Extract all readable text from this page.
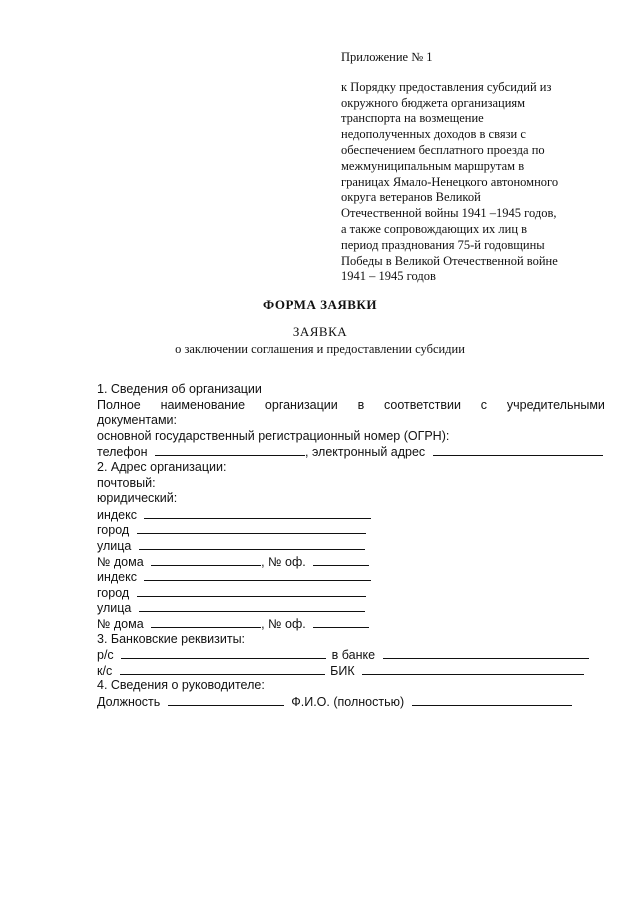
Приложение № 1
к Порядку предоставления субсидий из
окружного бюджета организациям
транспорта на возмещение
недополученных доходов в связи с
обеспечением бесплатного проезда по
межмуниципальным маршрутам в
границах Ямало-Ненецкого автономного
округа ветеранов Великой
Отечественной войны 1941 –1945 годов,
а также сопровождающих их лиц в
период празднования 75-й годовщины
Победы в Великой Отечественной войне
1941 – 1945 годов
ФОРМА ЗАЯВКИ
ЗАЯВКА
о заключении соглашения и предоставлении субсидии
1. Сведения об организации
Полное наименование организации в соответствии с учредительными
документами:
основной государственный регистрационный номер (ОГРН):
телефон	, электронный адрес
2. Адрес организации:
почтовый:
юридический:
индекс
город
улица
№ дома	, № оф.
индекс
город
улица
№ дома	, № оф.
3. Банковские реквизиты:
р/с	в банке
к/с	БИК
4. Сведения о руководителе:
Должность	Ф.И.О. (полностью)
